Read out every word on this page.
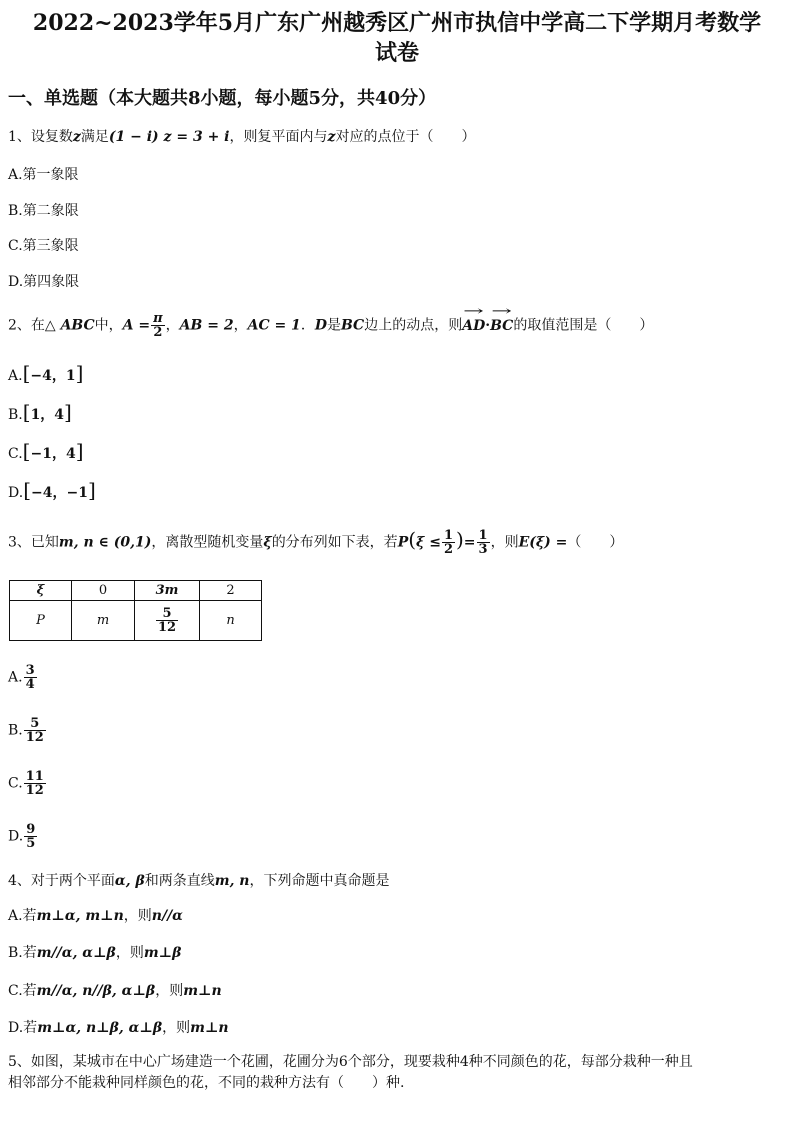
2022~2023学年5月广东广州越秀区广州市执信中学高二下学期月考数学
试卷
一、单选题（本大题共8小题，每小题5分，共40分）
1、设复数z满足(1 − i) z = 3 + i，则复平面内与z对应的点位于（　　）
A.第一象限
B.第二象限
C.第三象限
D.第四象限
2、在△ ABC中，$A = \frac{\pi}{2}$ ，AB = 2，AC = 1．D是BC边上的动点，则→ AD·→ BC的取值范围是（　　）
A.[−4，1]
B.[1，4]
C.[−1，4]
D.[−4，−1]
3、已知m, n ∈ (0,1)，离散型随机变量ξ的分布列如下表，若$P(\xi \le \frac{1}{2}$ )= $\frac{1}{3}$ ，则E(ξ) =（　　）
ξ	0	3m	2
P	m	$\frac{5}{12}$	n
A. $\frac{3}{4}$
B. $\frac{5}{12}$
C. $\frac{11}{12}$
D. $\frac{9}{5}$
4、对于两个平面α, β和两条直线m, n，下列命题中真命题是
A.若m⊥α, m⊥n，则n//α
B.若m//α, α⊥β，则m⊥β
C.若m//α, n//β, α⊥β，则m⊥n
D.若m⊥α, n⊥β, α⊥β，则m⊥n
5、如图，某城市在中心广场建造一个花圃，花圃分为6个部分，现要栽种4种不同颜色的花，每部分栽种一种且
相邻部分不能栽种同样颜色的花，不同的栽种方法有（　　）种.
